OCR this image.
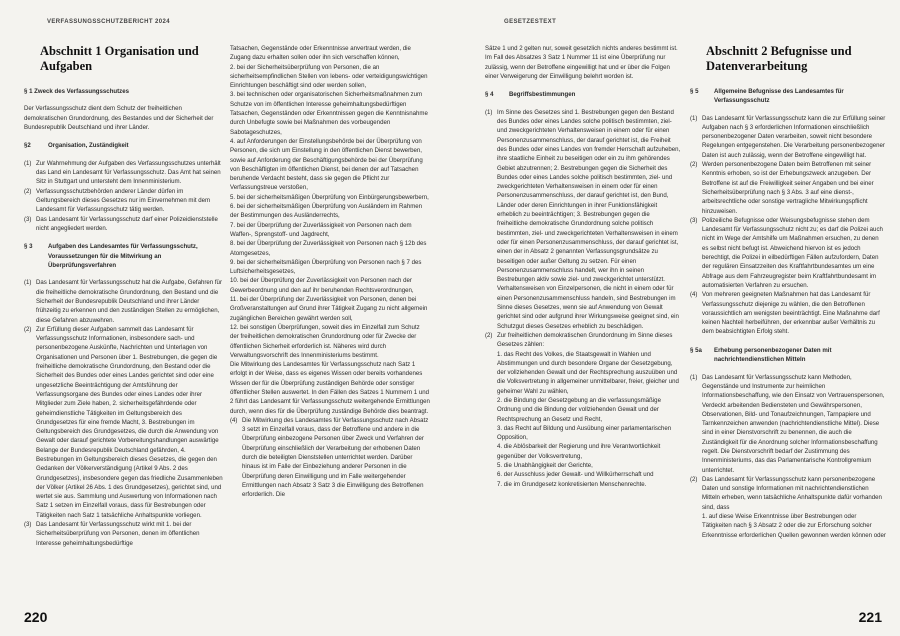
VERFASSUNGSSCHUTZBERICHT 2024	GESETZESTEXT
Abschnitt 1 Organisation und Aufgaben

§ 1 Zweck des Verfassungsschutzes

Der Verfassungsschutz dient dem Schutz der freiheitlichen demokratischen Grundordnung, des Bestandes und der Sicherheit der Bundesrepublik Deutschland und ihrer Länder.

§2	Organisation, Zuständigkeit
(1) Zur Wahrnehmung der Aufgaben des Verfassungsschutzes unterhält das Land ein Landesamt für Verfassungsschutz. Das Amt hat seinen Sitz in Stuttgart und untersteht dem Innenministerium.
(2) Verfassungsschutzbehörden anderer Länder dürfen im Geltungsbereich dieses Gesetzes nur im Einvernehmen mit dem Landesamt für Verfassungsschutz tätig werden.
(3) Das Landesamt für Verfassungsschutz darf einer Polizeidienststelle nicht angegliedert werden.
§ 3	Aufgaben des Landesamtes für Verfassungsschutz, Voraussetzungen für die Mitwirkung an Überprüfungsverfahren
(1) Das Landesamt für Verfassungsschutz hat die Aufgabe, Gefahren für die freiheitliche demokratische Grundordnung, den Bestand und die Sicherheit der Bundesrepublik Deutschland und ihrer Länder frühzeitig zu erkennen und den zuständigen Stellen zu ermöglichen, diese Gefahren abzuwehren.
(2) Zur Erfüllung dieser Aufgaben sammelt das Landesamt für Verfassungsschutz Informationen, insbesondere sach- und personenbezogene Auskünfte, Nachrichten und Unterlagen von Organisationen und Personen über 1. Bestrebungen, die gegen die freiheitliche demokratische Grundordnung, den Bestand oder die Sicherheit des Bundes oder eines Landes gerichtet sind oder eine ungesetzliche Beeinträchtigung der Amtsführung der Verfassungsorgane des Bundes oder eines Landes oder ihrer Mitglieder zum Ziele haben, 2. sicherheitsgefährdende oder geheimdienstliche Tätigkeiten im Geltungsbereich des Grundgesetzes für eine fremde Macht, 3. Bestrebungen im Geltungsbereich des Grundgesetzes, die durch die Anwendung von Gewalt oder darauf gerichtete Vorbereitungshandlungen auswärtige Belange der Bundesrepublik Deutschland gefährden, 4. Bestrebungen im Geltungsbereich dieses Gesetzes, die gegen den Gedanken der Völkerverständigung (Artikel 9 Abs. 2 des Grundgesetzes), insbesondere gegen das friedliche Zusammenleben der Völker (Artikel 26 Abs. 1 des Grundgesetzes), gerichtet sind, und wertet sie aus. Sammlung und Auswertung von Informationen nach Satz 1 setzen im Einzelfall voraus, dass für Bestrebungen oder Tätigkeiten nach Satz 1 tatsächliche Anhaltspunkte vorliegen.
(3) Das Landesamt für Verfassungsschutz wirkt mit 1. bei der Sicherheitsüberprüfung von Personen, denen im öffentlichen Interesse geheimhaltungsbedürftige

Tatsachen, Gegenstände oder Erkenntnisse anvertraut werden, die Zugang dazu erhalten sollen oder ihn sich verschaffen können,

2. bei der Sicherheitsüberprüfung von Personen, die an sicherheitsempfindlichen Stellen von lebens- oder verteidigungswichtigen Einrichtungen beschäftigt sind oder werden sollen,

3. bei technischen oder organisatorischen Sicherheitsmaßnahmen zum Schutze von im öffentlichen Interesse geheimhaltungsbedürftigen Tatsachen, Gegenständen oder Erkenntnissen gegen die Kenntnisnahme durch Unbefugte sowie bei Maßnahmen des vorbeugenden Sabotageschutzes,

4. auf Anforderungen der Einstellungsbehörde bei der Überprüfung von Personen, die sich um Einstellung in den öffentlichen Dienst bewerben, sowie auf Anforderung der Beschäftigungsbehörde bei der Überprüfung von Beschäftigten im öffentlichen Dienst, bei denen der auf Tatsachen beruhende Verdacht besteht, dass sie gegen die Pflicht zur Verfassungstreue verstoßen,

5. bei der sicherheitsmäßigen Überprüfung von Einbürgerungsbewerbern,

6. bei der sicherheitsmäßigen Überprüfung von Ausländern im Rahmen der Bestimmungen des Ausländerrechts,

7. bei der Überprüfung der Zuverlässigkeit von Personen nach dem Waffen-, Sprengstoff- und Jagdrecht,

8. bei der Überprüfung der Zuverlässigkeit von Personen nach § 12b des Atomgesetzes,

9. bei der sicherheitsmäßigen Überprüfung von Personen nach § 7 des Luftsicherheitsgesetzes,

10. bei der Überprüfung der Zuverlässigkeit von Personen nach der Gewerbeordnung und den auf ihr beruhenden Rechtsverordnungen,

11. bei der Überprüfung der Zuverlässigkeit von Personen, denen bei Großveranstaltungen auf Grund ihrer Tätigkeit Zugang zu nicht allgemein zugänglichen Bereichen gewährt werden soll,

12. bei sonstigen Überprüfungen, soweit dies im Einzelfall zum Schutz der freiheitlichen demokratischen Grundordnung oder für Zwecke der öffentlichen Sicherheit erforderlich ist. Näheres wird durch Verwaltungsvorschrift des Innenministeriums bestimmt.

Die Mitwirkung des Landesamtes für Verfassungsschutz nach Satz 1 erfolgt in der Weise, dass es eigenes Wissen oder bereits vorhandenes Wissen der für die Überprüfung zuständigen Behörde oder sonstiger öffentlicher Stellen auswertet. In den Fällen des Satzes 1 Nummern 1 und 2 führt das Landesamt für Verfassungsschutz weitergehende Ermittlungen durch, wenn dies für die Überprüfung zuständige Behörde dies beantragt.

(4) Die Mitwirkung des Landesamtes für Verfassungsschutz nach Absatz 3 setzt im Einzelfall voraus, dass der Betroffene und andere in die Überprüfung einbezogene Personen über Zweck und Verfahren der Überprüfung einschließlich der Verarbeitung der erhobenen Daten durch die beteiligten Dienststellen unterrichtet werden. Darüber hinaus ist im Falle der Einbeziehung anderer Personen in die Überprüfung deren Einwilligung und im Falle weitergehender Ermittlungen nach Absatz 3 Satz 3 die Einwilligung des Betroffenen erforderlich. Die

Sätze 1 und 2 gelten nur, soweit gesetzlich nichts anderes bestimmt ist. Im Fall des Absatzes 3 Satz 1 Nummer 11 ist eine Überprüfung nur zulässig, wenn der Betroffene eingewilligt hat und er über die Folgen einer Verweigerung der Einwilligung belehrt worden ist.

§ 4	Begriffsbestimmungen
(1) Im Sinne des Gesetzes sind 1. Bestrebungen gegen den Bestand des Bundes oder eines Landes solche politisch bestimmten, ziel- und zweckgerichteten Verhaltensweisen in einem oder für einen Personenzusammenschluss, der darauf gerichtet ist, die Freiheit des Bundes oder eines Landes von fremder Herrschaft aufzuheben, ihre staatliche Einheit zu beseitigen oder ein zu ihm gehörendes Gebiet abzutrennen; 2. Bestrebungen gegen die Sicherheit des Bundes oder eines Landes solche politisch bestimmten, ziel- und zweckgerichteten Verhaltensweisen in einem oder für einen Personenzusammenschluss, der darauf gerichtet ist, den Bund, Länder oder deren Einrichtungen in ihrer Funktionsfähigkeit erheblich zu beeinträchtigen; 3. Bestrebungen gegen die freiheitliche demokratische Grundordnung solche politisch bestimmten, ziel- und zweckgerichteten Verhaltensweisen in einem oder für einen Personenzusammenschluss, der darauf gerichtet ist, einen der in Absatz 2 genannten Verfassungsgrundsätze zu beseitigen oder außer Geltung zu setzen. Für einen Personenzusammenschluss handelt, wer ihn in seinen Bestrebungen aktiv sowie ziel- und zweckgerichtet unterstützt. Verhaltensweisen von Einzelpersonen, die nicht in einem oder für einen Personenzusammenschluss handeln, sind Bestrebungen im Sinne dieses Gesetzes, wenn sie auf Anwendung von Gewalt gerichtet sind oder aufgrund ihrer Wirkungsweise geeignet sind, ein Schutzgut dieses Gesetzes erheblich zu beschädigen.
(2) Zur freiheitlichen demokratischen Grundordnung im Sinne dieses Gesetzes zählen:

1. das Recht des Volkes, die Staatsgewalt in Wahlen und Abstimmungen und durch besondere Organe der Gesetzgebung, der vollziehenden Gewalt und der Rechtsprechung auszuüben und die Volksvertretung in allgemeiner unmittelbarer, freier, gleicher und geheimer Wahl zu wählen,

2. die Bindung der Gesetzgebung an die verfassungsmäßige Ordnung und die Bindung der vollziehenden Gewalt und der Rechtsprechung an Gesetz und Recht,

3. das Recht auf Bildung und Ausübung einer parlamentarischen Opposition,

4. die Ablösbarkeit der Regierung und ihre Verantwortlichkeit gegenüber der Volksvertretung,

5. die Unabhängigkeit der Gerichte,

6. der Ausschluss jeder Gewalt- und Willkürherrschaft und

7. die im Grundgesetz konkretisierten Menschenrechte.

Abschnitt 2 Befugnisse und Datenverarbeitung
§ 5	Allgemeine Befugnisse des Landesamtes für Verfassungsschutz
(1) Das Landesamt für Verfassungsschutz kann die zur Erfüllung seiner Aufgaben nach § 3 erforderlichen Informationen einschließlich personenbezogener Daten verarbeiten, soweit nicht besondere Regelungen entgegenstehen. Die Verarbeitung personenbezogener Daten ist auch zulässig, wenn der Betroffene eingewilligt hat.
(2) Werden personenbezogene Daten beim Betroffenen mit seiner Kenntnis erhoben, so ist der Erhebungszweck anzugeben. Der Betroffene ist auf die Freiwilligkeit seiner Angaben und bei einer Sicherheitsüberprüfung nach § 3 Abs. 3 auf eine dienst-, arbeitsrechtliche oder sonstige vertragliche Mitwirkungspflicht hinzuweisen.
(3) Polizeiliche Befugnisse oder Weisungsbefugnisse stehen dem Landesamt für Verfassungsschutz nicht zu; es darf die Polizei auch nicht im Wege der Amtshilfe um Maßnahmen ersuchen, zu denen es selbst nicht befugt ist. Abweichend hiervon ist es jedoch berechtigt, die Polizei in eilbedürftigen Fällen aufzufordern, Daten der regulären Einsatzzeiten des Kraftfahrtbundesamtes um eine Abfrage aus dem Fahrzeugregister beim Kraftfahrtbundesamt im automatisierten Verfahren zu ersuchen.
(4) Von mehreren geeigneten Maßnahmen hat das Landesamt für Verfassungsschutz diejenige zu wählen, die den Betroffenen voraussichtlich am wenigsten beeinträchtigt. Eine Maßnahme darf keinen Nachteil herbeiführen, der erkennbar außer Verhältnis zu dem beabsichtigten Erfolg steht.
§ 5a	Erhebung personenbezogener Daten mit nachrichtendienstlichen Mitteln
(1) Das Landesamt für Verfassungsschutz kann Methoden, Gegenstände und Instrumente zur heimlichen Informationsbeschaffung, wie den Einsatz von Vertrauenspersonen, Verdeckt arbeitenden Bediensteten und Gewährspersonen, Observationen, Bild- und Tonaufzeichnungen, Tarnpapiere und Tarnkennzeichen anwenden (nachrichtendienstliche Mittel). Diese sind in einer Dienstvorschrift zu benennen, die auch die Zuständigkeit für die Anordnung solcher Informationsbeschaffung regelt. Die Dienstvorschrift bedarf der Zustimmung des Innenministeriums, das das Parlamentarische Kontrollgremium unterrichtet.
(2) Das Landesamt für Verfassungsschutz kann personenbezogene Daten und sonstige Informationen mit nachrichtendienstlichen Mitteln erheben, wenn tatsächliche Anhaltspunkte dafür vorhanden sind, dass

1. auf diese Weise Erkenntnisse über Bestrebungen oder Tätigkeiten nach § 3 Absatz 2 oder die zur Erforschung solcher Erkenntnisse erforderlichen Quellen gewonnen werden können oder

220	221
